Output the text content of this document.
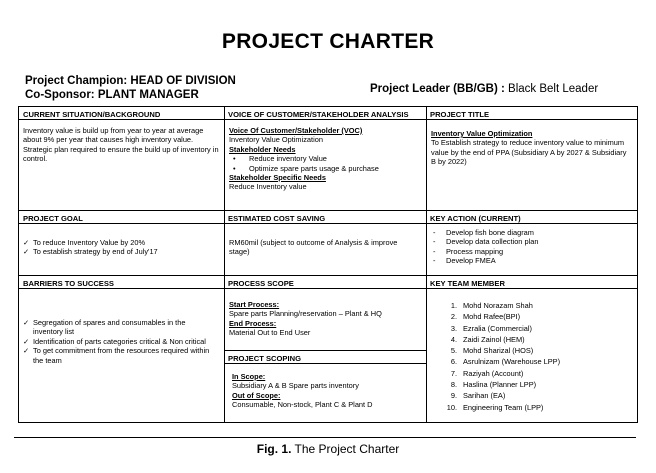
PROJECT CHARTER
Project Champion: HEAD OF DIVISION
Co-Sponsor: PLANT MANAGER	Project Leader (BB/GB) : Black Belt Leader
CURRENT SITUATION/BACKGROUND
Inventory value is build up from year to year at average about 9% per year that causes high inventory value. Strategic plan required to ensure the build up of inventory in control.
VOICE OF CUSTOMER/STAKEHOLDER ANALYSIS
Voice Of Customer/Stakeholder (VOC)
Inventory Value Optimization
Stakeholder Needs
• Reduce inventory Value
• Optimize spare parts usage & purchase
Stakeholder Specific Needs
Reduce Inventory value
PROJECT TITLE
Inventory Value Optimization
To Establish strategy to reduce inventory value to minimum value by the end of PPA (Subsidiary A by 2027 & Subsidiary B by 2022)
PROJECT GOAL
✓ To reduce Inventory Value by 20%
✓ To establish strategy by end of July'17
ESTIMATED COST SAVING
RM60mil (subject to outcome of Analysis & improve stage)
KEY ACTION (CURRENT)
- Develop fish bone diagram
- Develop data collection plan
- Process mapping
- Develop FMEA
BARRIERS TO SUCCESS
✓ Segregation of spares and consumables in the inventory list
✓ Identification of parts categories critical & Non critical
✓ To get commitment from the resources required within the team
PROCESS SCOPE
Start Process:
Spare parts Planning/reservation – Plant & HQ
End Process:
Material Out to End User
PROJECT SCOPING
In Scope:
Subsidiary A & B Spare parts inventory
Out of Scope:
Consumable, Non-stock, Plant C & Plant D
KEY TEAM MEMBER
1. Mohd Norazam Shah
2. Mohd Rafee(BPI)
3. Ezralia (Commercial)
4. Zaidi Zainol (HEM)
5. Mohd Sharizal (HOS)
6. Asrulnizam (Warehouse LPP)
7. Raziyah (Account)
8. Haslina (Planner LPP)
9. Sarihan (EA)
10. Engineering Team (LPP)
Fig. 1. The Project Charter
